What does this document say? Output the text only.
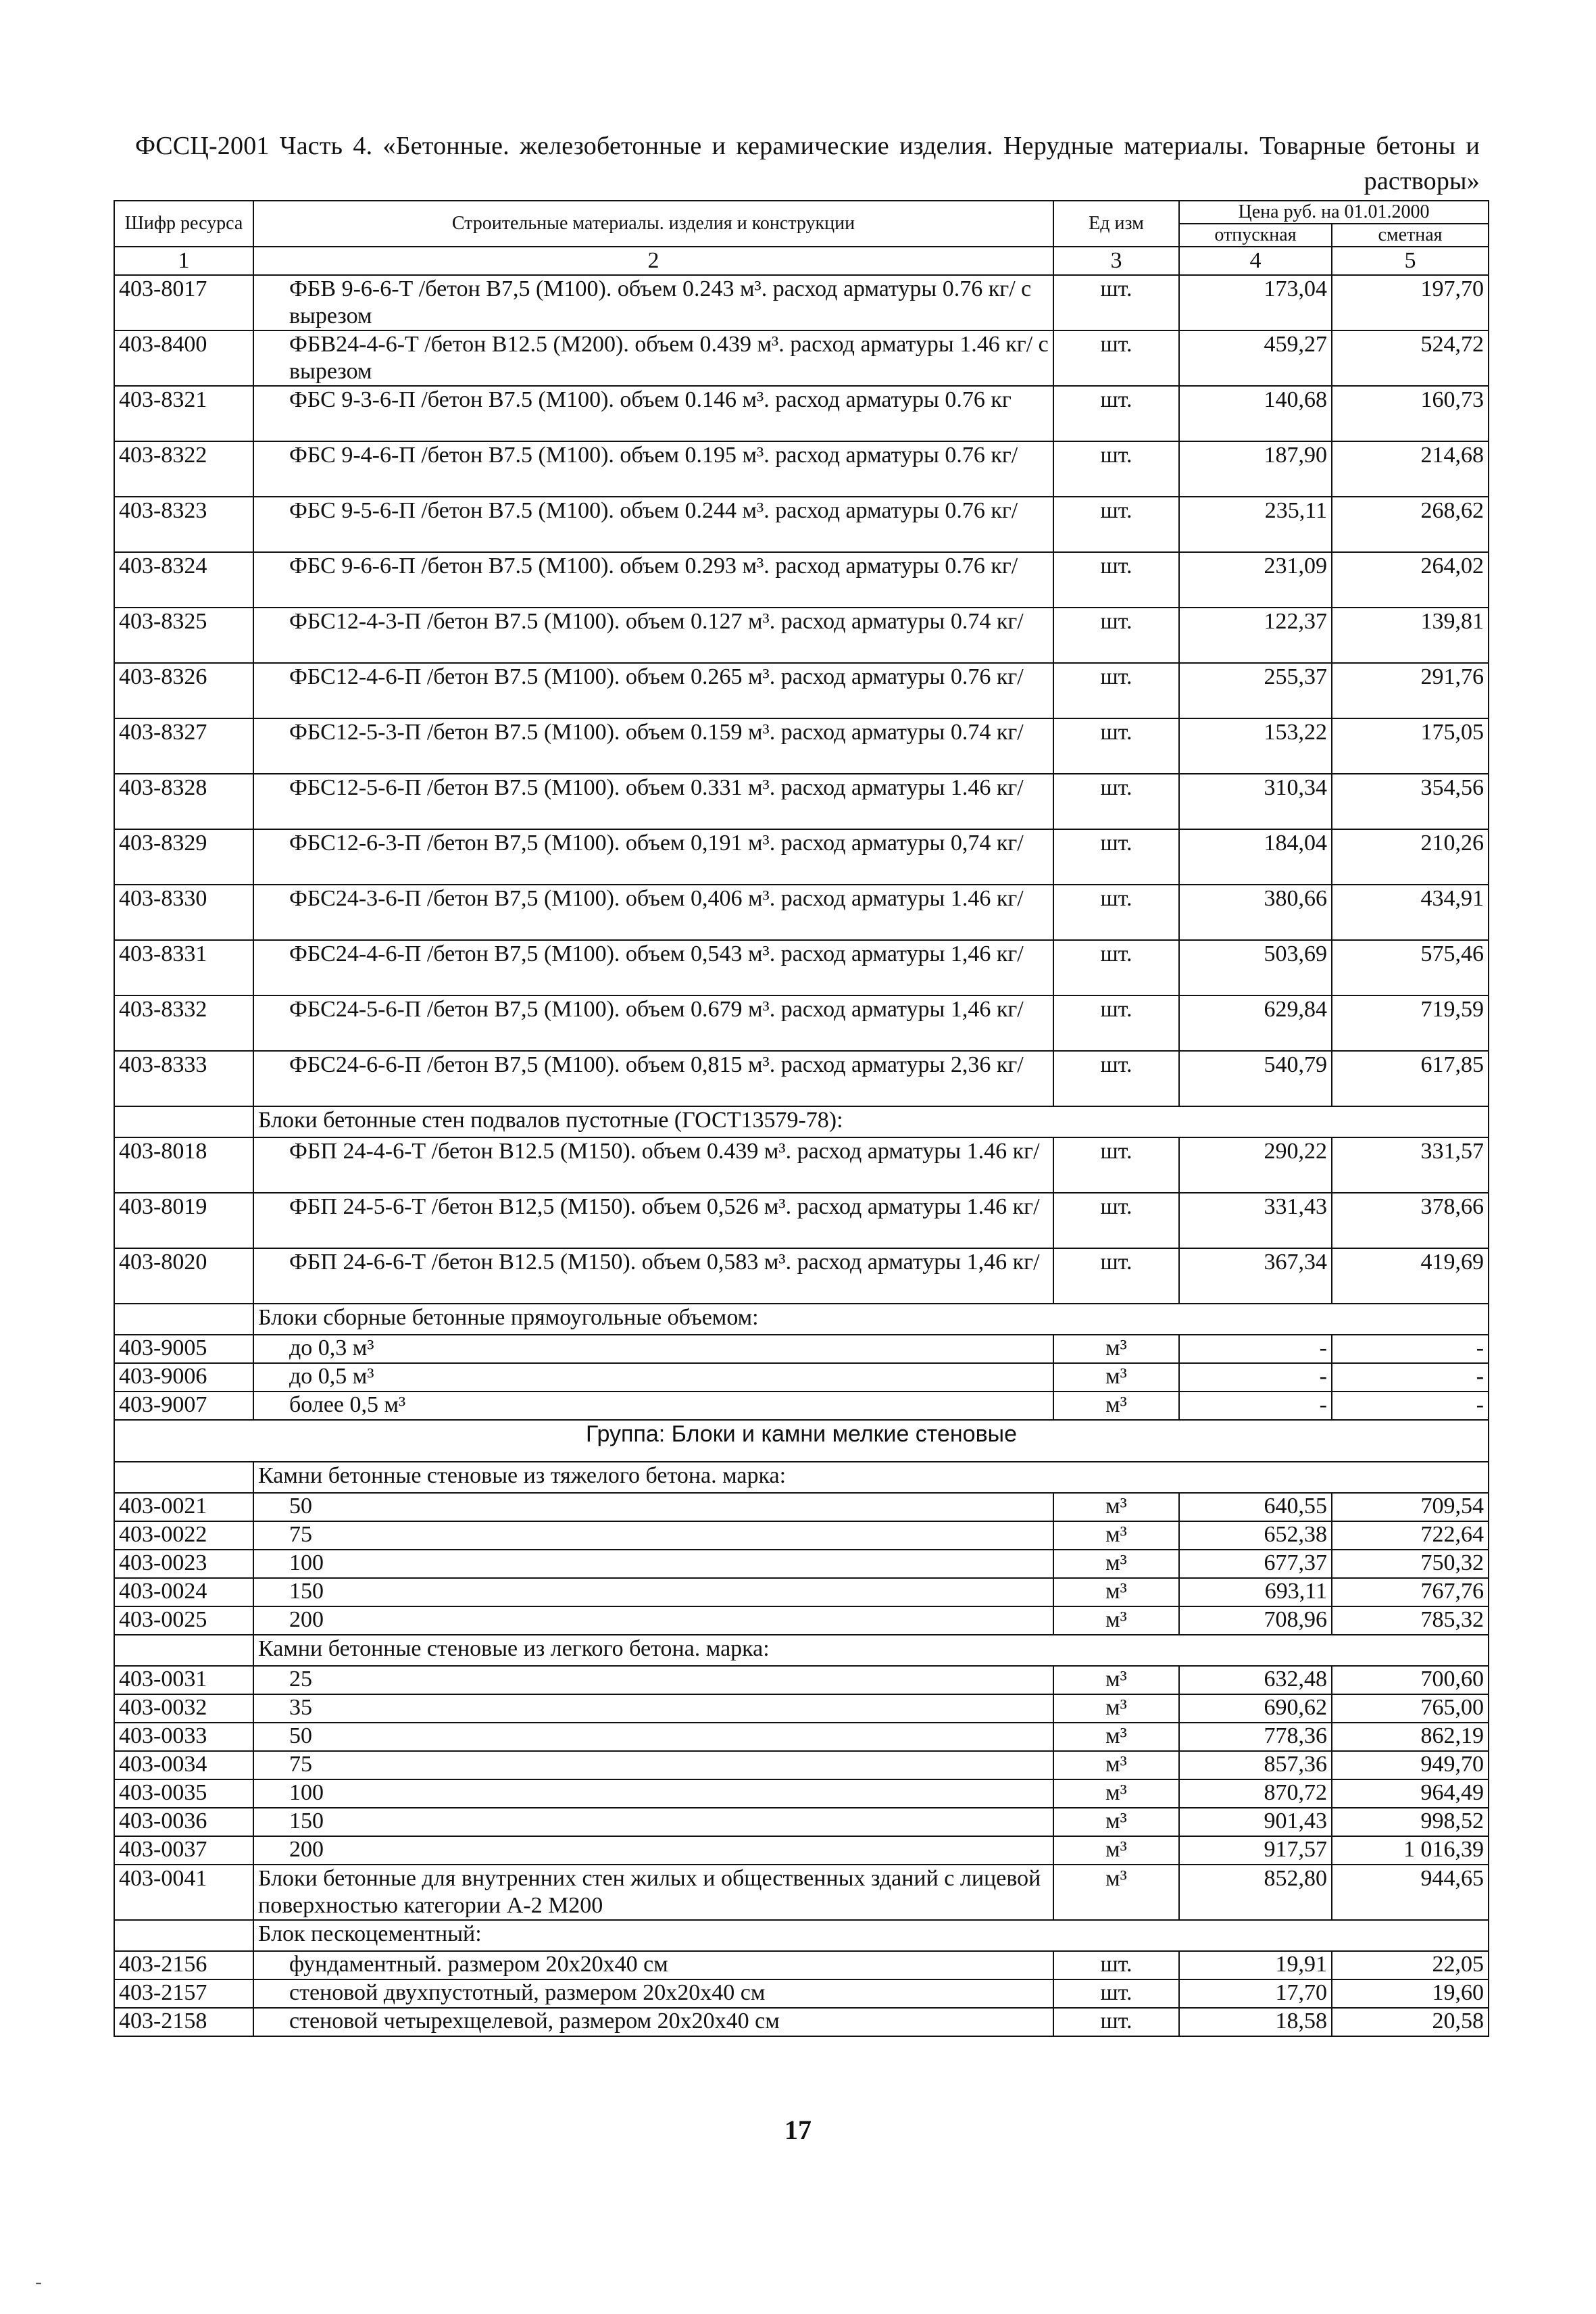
ФССЦ-2001 Часть 4. «Бетонные. железобетонные и керамические изделия. Нерудные материалы. Товарные бетоны и растворы»
Шифр ресурса	Строительные материалы. изделия и конструкции	Ед изм	Цена руб. на 01.01.2000	
			отпускная	сметная
1	2	3	4	5
403-8017	ФБВ 9-6-6-Т /бетон В7,5 (М100). объем 0.243 м³. расход арматуры 0.76 кг/ с вырезом	шт.	173,04	197,70
403-8400	ФБВ24-4-6-Т /бетон В12.5 (М200). объем 0.439 м³. расход арматуры 1.46 кг/ с вырезом	шт.	459,27	524,72
403-8321	ФБС 9-3-6-П /бетон В7.5 (М100). объем 0.146 м³. расход арматуры 0.76 кг	шт.	140,68	160,73
403-8322	ФБС 9-4-6-П /бетон В7.5 (М100). объем 0.195 м³. расход арматуры 0.76 кг/	шт.	187,90	214,68
403-8323	ФБС 9-5-6-П /бетон В7.5 (М100). объем 0.244 м³. расход арматуры 0.76 кг/	шт.	235,11	268,62
403-8324	ФБС 9-6-6-П /бетон В7.5 (М100). объем 0.293 м³. расход арматуры 0.76 кг/	шт.	231,09	264,02
403-8325	ФБС12-4-3-П /бетон В7.5 (М100). объем 0.127 м³. расход арматуры 0.74 кг/	шт.	122,37	139,81
403-8326	ФБС12-4-6-П /бетон В7.5 (М100). объем 0.265 м³. расход арматуры 0.76 кг/	шт.	255,37	291,76
403-8327	ФБС12-5-3-П /бетон В7.5 (М100). объем 0.159 м³. расход арматуры 0.74 кг/	шт.	153,22	175,05
403-8328	ФБС12-5-6-П /бетон В7.5 (М100). объем 0.331 м³. расход арматуры 1.46 кг/	шт.	310,34	354,56
403-8329	ФБС12-6-3-П /бетон В7,5 (М100). объем 0,191 м³. расход арматуры 0,74 кг/	шт.	184,04	210,26
403-8330	ФБС24-3-6-П /бетон В7,5 (М100). объем 0,406 м³. расход арматуры 1.46 кг/	шт.	380,66	434,91
403-8331	ФБС24-4-6-П /бетон В7,5 (М100). объем 0,543 м³. расход арматуры 1,46 кг/	шт.	503,69	575,46
403-8332	ФБС24-5-6-П /бетон В7,5 (М100). объем 0.679 м³. расход арматуры 1,46 кг/	шт.	629,84	719,59
403-8333	ФБС24-6-6-П /бетон В7,5 (М100). объем 0,815 м³. расход арматуры 2,36 кг/	шт.	540,79	617,85
	Блоки бетонные стен подвалов пустотные (ГОСТ13579-78):			
403-8018	ФБП 24-4-6-Т /бетон В12.5 (М150). объем 0.439 м³. расход арматуры 1.46 кг/	шт.	290,22	331,57
403-8019	ФБП 24-5-6-Т /бетон В12,5 (М150). объем 0,526 м³. расход арматуры 1.46 кг/	шт.	331,43	378,66
403-8020	ФБП 24-6-6-Т /бетон В12.5 (М150). объем 0,583 м³. расход арматуры 1,46 кг/	шт.	367,34	419,69
	Блоки сборные бетонные прямоугольные объемом:			
403-9005	до 0,3 м³	м³	-	-
403-9006	до 0,5 м³	м³	-	-
403-9007	более 0,5 м³	м³	-	-
Группа: Блоки и камни мелкие стеновые				
	Камни бетонные стеновые из тяжелого бетона. марка:			
403-0021	50	м³	640,55	709,54
403-0022	75	м³	652,38	722,64
403-0023	100	м³	677,37	750,32
403-0024	150	м³	693,11	767,76
403-0025	200	м³	708,96	785,32
	Камни бетонные стеновые из легкого бетона. марка:			
403-0031	25	м³	632,48	700,60
403-0032	35	м³	690,62	765,00
403-0033	50	м³	778,36	862,19
403-0034	75	м³	857,36	949,70
403-0035	100	м³	870,72	964,49
403-0036	150	м³	901,43	998,52
403-0037	200	м³	917,57	1 016,39
403-0041	Блоки бетонные для внутренних стен жилых и общественных зданий с лицевой поверхностью категории А-2 М200	м³	852,80	944,65
	Блок пескоцементный:			
403-2156	фундаментный. размером 20х20х40 см	шт.	19,91	22,05
403-2157	стеновой двухпустотный, размером 20х20х40 см	шт.	17,70	19,60
403-2158	стеновой четырехщелевой, размером 20х20х40 см	шт.	18,58	20,58
17
-
